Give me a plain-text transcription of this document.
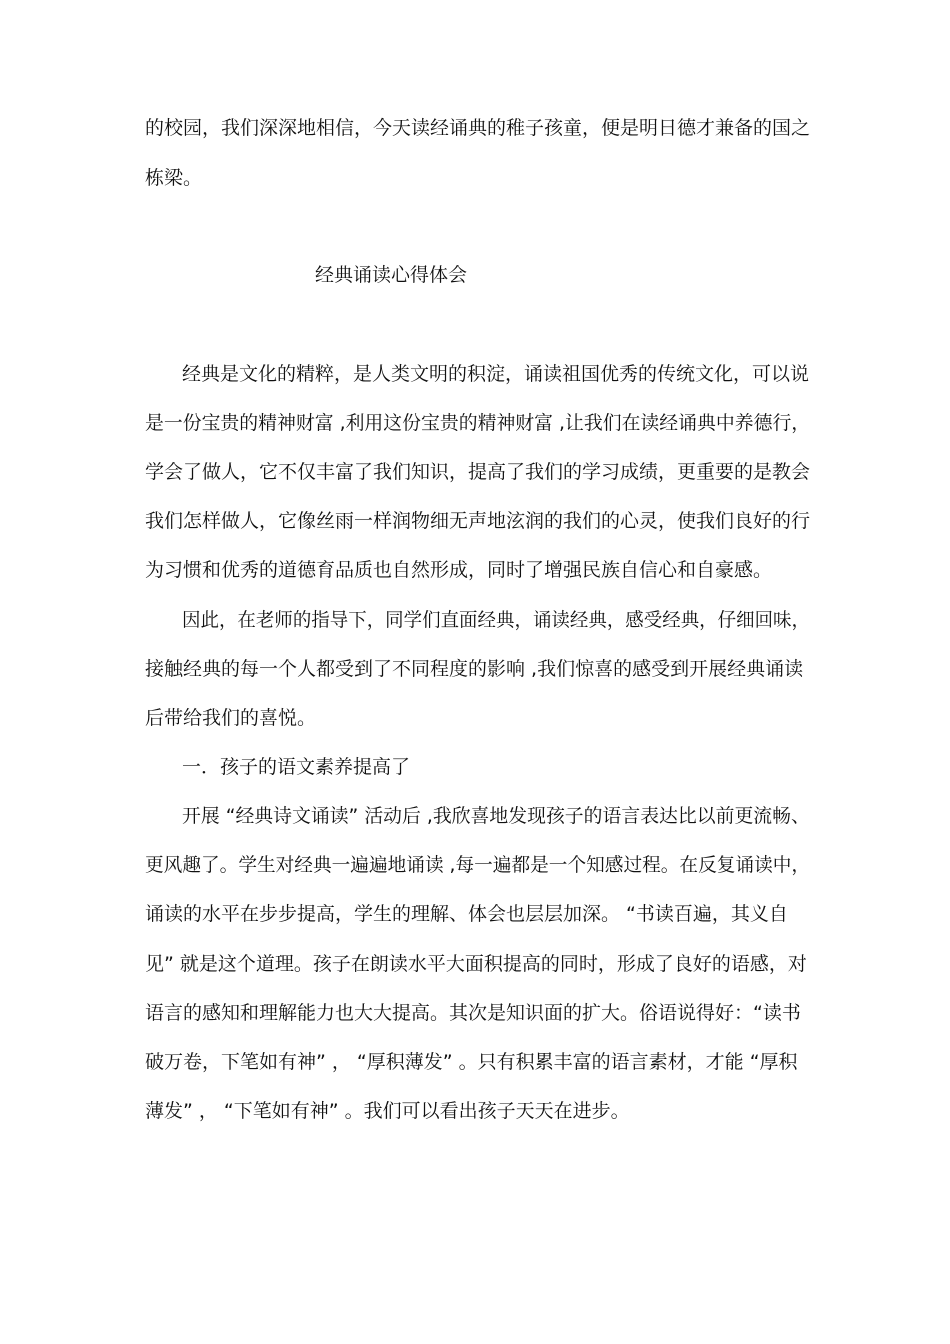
的校园，我们深深地相信，今天读经诵典的稚子孩童，便是明日德才兼备的国之
栋梁。
经典诵读心得体会
经典是文化的精粹，是人类文明的积淀，诵读祖国优秀的传统文化，可以说
是一份宝贵的精神财富 ,利用这份宝贵的精神财富 ,让我们在读经诵典中养德行，
学会了做人，它不仅丰富了我们知识，提高了我们的学习成绩，更重要的是教会
我们怎样做人，它像丝雨一样润物细无声地泫润的我们的心灵，使我们良好的行
为习惯和优秀的道德育品质也自然形成，同时了增强民族自信心和自豪感。
因此，在老师的指导下，同学们直面经典，诵读经典，感受经典，仔细回味，
接触经典的每一个人都受到了不同程度的影响 ,我们惊喜的感受到开展经典诵读
后带给我们的喜悦。
一．孩子的语文素养提高了
开展 “经典诗文诵读” 活动后 ,我欣喜地发现孩子的语言表达比以前更流畅、
更风趣了。学生对经典一遍遍地诵读 ,每一遍都是一个知感过程。在反复诵读中，
诵读的水平在步步提高，学生的理解、体会也层层加深。 “书读百遍，其义自
见” 就是这个道理。孩子在朗读水平大面积提高的同时，形成了良好的语感，对
语言的感知和理解能力也大大提高。其次是知识面的扩大。俗语说得好：“读书
破万卷，下笔如有神” ， “厚积薄发” 。只有积累丰富的语言素材，才能 “厚积
薄发” ， “下笔如有神” 。我们可以看出孩子天天在进步。
